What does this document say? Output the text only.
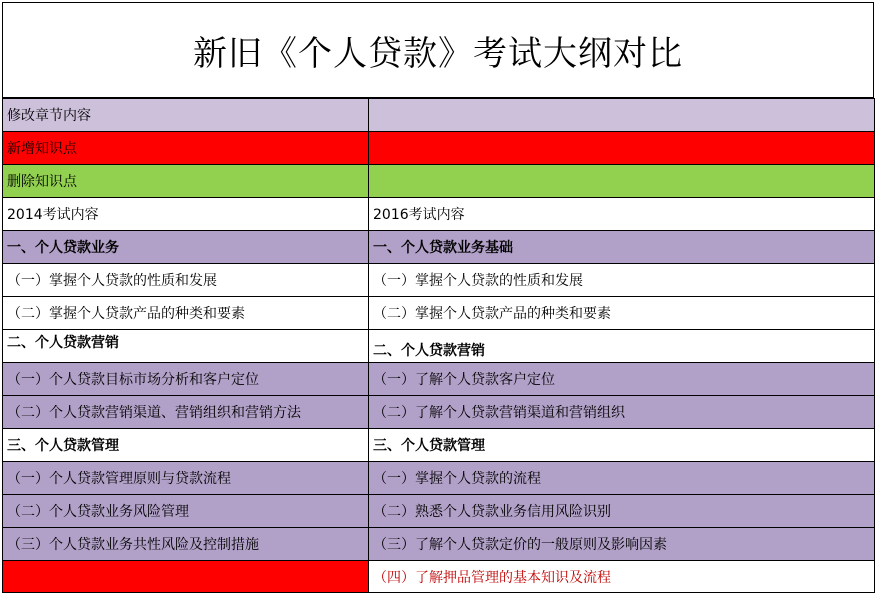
新旧《个人贷款》考试大纲对比
修改章节内容	
新增知识点	
删除知识点	
2014考试内容	2016考试内容
一、个人贷款业务	一、个人贷款业务基础
（一）掌握个人贷款的性质和发展	（一）掌握个人贷款的性质和发展
（二）掌握个人贷款产品的种类和要素	（二）掌握个人贷款产品的种类和要素
二、个人贷款营销	二、个人贷款营销
（一）个人贷款目标市场分析和客户定位	（一）了解个人贷款客户定位
（二）个人贷款营销渠道、营销组织和营销方法	（二）了解个人贷款营销渠道和营销组织
三、个人贷款管理	三、个人贷款管理
（一）个人贷款管理原则与贷款流程	（一）掌握个人贷款的流程
（二）个人贷款业务风险管理	（二）熟悉个人贷款业务信用风险识别
（三）个人贷款业务共性风险及控制措施	（三）了解个人贷款定价的一般原则及影响因素
	（四）了解押品管理的基本知识及流程
